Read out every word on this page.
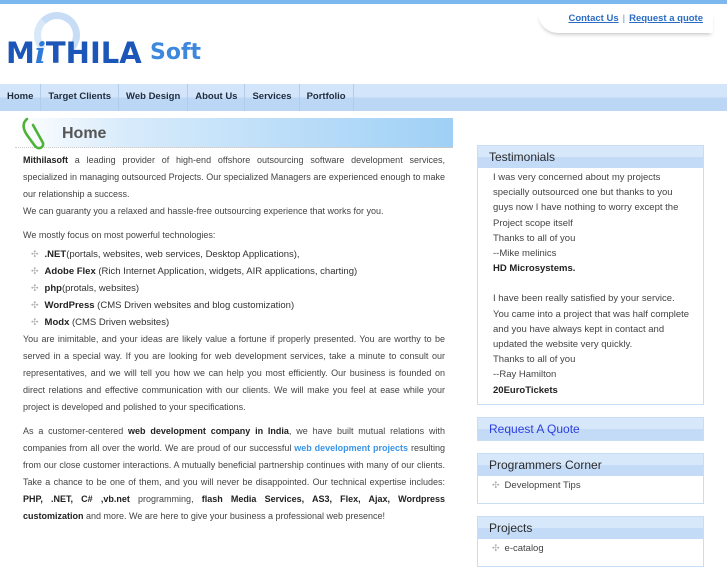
MiTHILA Soft
Contact Us | Request a quote
Home	Target Clients	Web Design	About Us	Services	Portfolio
Home

Mithilasoft a leading provider of high-end offshore outsourcing software development services, specialized in managing outsourced Projects. Our specialized Managers are experienced enough to make our relationship a success.

We can guaranty you a relaxed and hassle-free outsourcing experience that works for you.

We mostly focus on most powerful technologies:

✣ .NET(portals, websites, web services, Desktop Applications),
✣ Adobe Flex (Rich Internet Application, widgets, AIR applications, charting)
✣ php(protals, websites)
✣ WordPress (CMS Driven websites and blog customization)
✣ Modx (CMS Driven websites)

You are inimitable, and your ideas are likely value a fortune if properly presented. You are worthy to be served in a special way. If you are looking for web development services, take a minute to consult our representatives, and we will tell you how we can help you most efficiently. Our business is founded on direct relations and effective communication with our clients. We will make you feel at ease while your project is developed and polished to your specifications.

As a customer-centered web development company in India, we have built mutual relations with companies from all over the world. We are proud of our successful web development projects resulting from our close customer interactions. A mutually beneficial partnership continues with many of our clients. Take a chance to be one of them, and you will never be disappointed. Our technical expertise includes: PHP, .NET, C# ,vb.net programming, flash Media Services, AS3, Flex, Ajax, Wordpress customization and more. We are here to give your business a professional web presence!

Testimonials
I was very concerned about my projects
specially outsourced one but thanks to you
guys now I have nothing to worry except the
Project scope itself
Thanks to all of you
--Mike melinics
HD Microsystems.
I have been really satisfied by your service.
You came into a project that was half complete
and you have always kept in contact and
updated the website very quickly.
Thanks to all of you
--Ray Hamilton
20EuroTickets
Request A Quote
Programmers Corner
✣ Development Tips
Projects
✣ e-catalog
